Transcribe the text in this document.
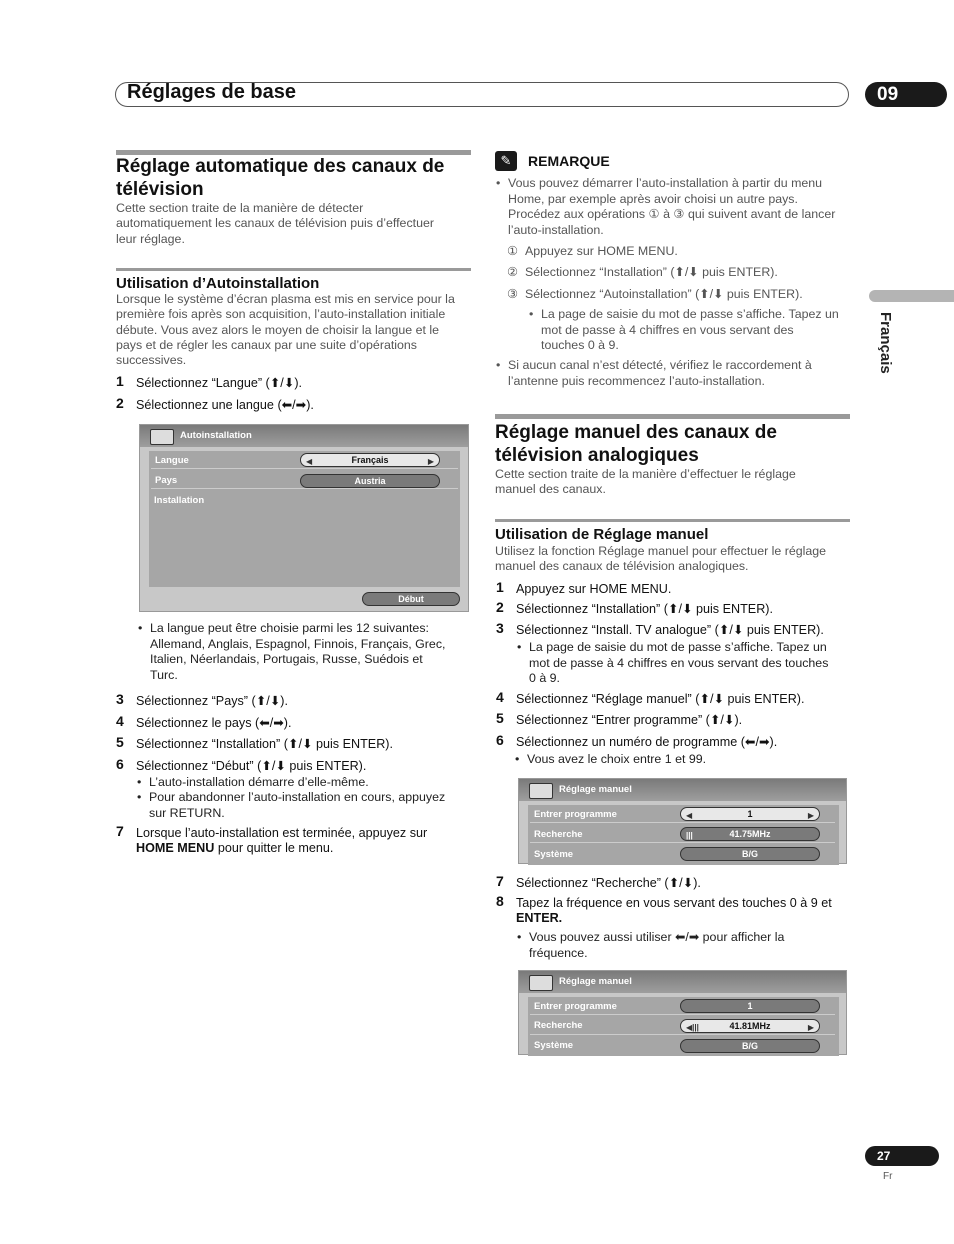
Réglages de base	09
Français
Réglage automatique des canaux de
télévision
Cette section traite de la manière de détecter
automatiquement les canaux de télévision puis d’effectuer
leur réglage.
Utilisation d’Autoinstallation
Lorsque le système d’écran plasma est mis en service pour la
première fois après son acquisition, l’auto-installation initiale
débute. Vous avez alors le moyen de choisir la langue et le
pays et de régler les canaux par une suite d’opérations
successives.
1 Sélectionnez “Langue” (⬆/⬇).
2 Sélectionnez une langue (⬅/➡).
Autoinstallation
Langue	◀	Français	▶
Pays	Austria
Installation
Début
• La langue peut être choisie parmi les 12 suivantes:
Allemand, Anglais, Espagnol, Finnois, Français, Grec,
Italien, Néerlandais, Portugais, Russe, Suédois et
Turc.
3 Sélectionnez “Pays” (⬆/⬇).
4 Sélectionnez le pays (⬅/➡).
5 Sélectionnez “Installation” (⬆/⬇ puis ENTER).
6 Sélectionnez “Début” (⬆/⬇ puis ENTER).
• L’auto-installation démarre d’elle-même.
• Pour abandonner l’auto-installation en cours, appuyez
sur RETURN.
7 Lorsque l’auto-installation est terminée, appuyez sur
HOME MENU pour quitter le menu.
✎	REMARQUE
• Vous pouvez démarrer l’auto-installation à partir du menu
Home, par exemple après avoir choisi un autre pays.
Procédez aux opérations ① à ③ qui suivent avant de lancer
l’auto-installation.
① Appuyez sur HOME MENU.
② Sélectionnez “Installation” (⬆/⬇ puis ENTER).
③ Sélectionnez “Autoinstallation” (⬆/⬇ puis ENTER).
• La page de saisie du mot de passe s’affiche. Tapez un
mot de passe à 4 chiffres en vous servant des
touches 0 à 9.
• Si aucun canal n’est détecté, vérifiez le raccordement à
l’antenne puis recommencez l’auto-installation.
Réglage manuel des canaux de
télévision analogiques
Cette section traite de la manière d’effectuer le réglage
manuel des canaux.
Utilisation de Réglage manuel
Utilisez la fonction Réglage manuel pour effectuer le réglage
manuel des canaux de télévision analogiques.
1 Appuyez sur HOME MENU.
2 Sélectionnez “Installation” (⬆/⬇ puis ENTER).
3 Sélectionnez “Install. TV analogue” (⬆/⬇ puis ENTER).
• La page de saisie du mot de passe s’affiche. Tapez un
mot de passe à 4 chiffres en vous servant des touches
0 à 9.
4 Sélectionnez “Réglage manuel” (⬆/⬇ puis ENTER).
5 Sélectionnez “Entrer programme” (⬆/⬇).
6 Sélectionnez un numéro de programme (⬅/➡).
• Vous avez le choix entre 1 et 99.
Réglage manuel
Entrer programme	◀	1	▶
Recherche	|||	41.75MHz
Système	B/G
7 Sélectionnez “Recherche” (⬆/⬇).
8 Tapez la fréquence en vous servant des touches 0 à 9 et
ENTER.
• Vous pouvez aussi utiliser ⬅/➡ pour afficher la
fréquence.
Réglage manuel
Entrer programme	1
Recherche	◀|||	41.81MHz	▶
Système	B/G
27
Fr
